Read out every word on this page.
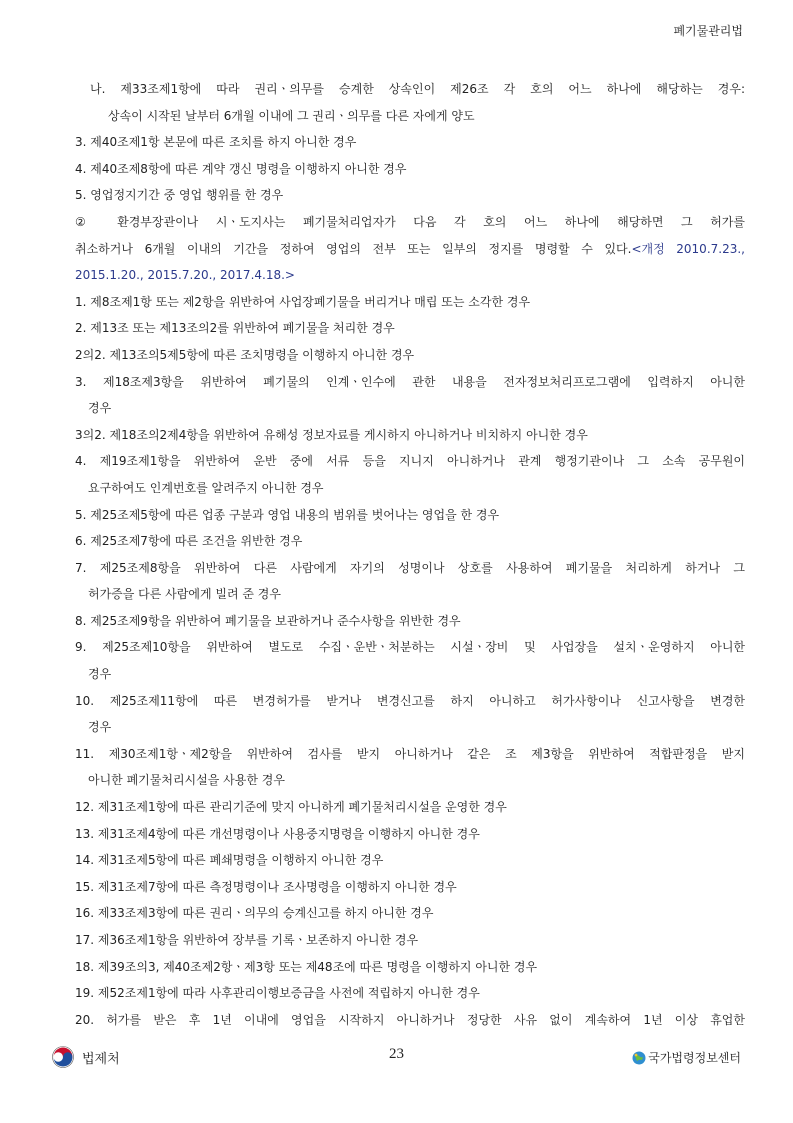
폐기물관리법
나. 제33조제1항에 따라 권리ㆍ의무를 승계한 상속인이 제26조 각 호의 어느 하나에 해당하는 경우:
상속이 시작된 날부터 6개월 이내에 그 권리ㆍ의무를 다른 자에게 양도
3. 제40조제1항 본문에 따른 조치를 하지 아니한 경우
4. 제40조제8항에 따른 계약 갱신 명령을 이행하지 아니한 경우
5. 영업정지기간 중 영업 행위를 한 경우
② 환경부장관이나 시ㆍ도지사는 폐기물처리업자가 다음 각 호의 어느 하나에 해당하면 그 허가를
취소하거나 6개월 이내의 기간을 정하여 영업의 전부 또는 일부의 정지를 명령할 수 있다.<개정 2010.7.23.,
2015.1.20., 2015.7.20., 2017.4.18.>
1. 제8조제1항 또는 제2항을 위반하여 사업장폐기물을 버리거나 매립 또는 소각한 경우
2. 제13조 또는 제13조의2를 위반하여 폐기물을 처리한 경우
2의2. 제13조의5제5항에 따른 조치명령을 이행하지 아니한 경우
3. 제18조제3항을 위반하여 폐기물의 인계ㆍ인수에 관한 내용을 전자정보처리프로그램에 입력하지 아니한
경우
3의2. 제18조의2제4항을 위반하여 유해성 정보자료를 게시하지 아니하거나 비치하지 아니한 경우
4. 제19조제1항을 위반하여 운반 중에 서류 등을 지니지 아니하거나 관계 행정기관이나 그 소속 공무원이
요구하여도 인계번호를 알려주지 아니한 경우
5. 제25조제5항에 따른 업종 구분과 영업 내용의 범위를 벗어나는 영업을 한 경우
6. 제25조제7항에 따른 조건을 위반한 경우
7. 제25조제8항을 위반하여 다른 사람에게 자기의 성명이나 상호를 사용하여 폐기물을 처리하게 하거나 그
허가증을 다른 사람에게 빌려 준 경우
8. 제25조제9항을 위반하여 폐기물을 보관하거나 준수사항을 위반한 경우
9. 제25조제10항을 위반하여 별도로 수집ㆍ운반ㆍ처분하는 시설ㆍ장비 및 사업장을 설치ㆍ운영하지 아니한
경우
10. 제25조제11항에 따른 변경허가를 받거나 변경신고를 하지 아니하고 허가사항이나 신고사항을 변경한
경우
11. 제30조제1항ㆍ제2항을 위반하여 검사를 받지 아니하거나 같은 조 제3항을 위반하여 적합판정을 받지
아니한 폐기물처리시설을 사용한 경우
12. 제31조제1항에 따른 관리기준에 맞지 아니하게 폐기물처리시설을 운영한 경우
13. 제31조제4항에 따른 개선명령이나 사용중지명령을 이행하지 아니한 경우
14. 제31조제5항에 따른 폐쇄명령을 이행하지 아니한 경우
15. 제31조제7항에 따른 측정명령이나 조사명령을 이행하지 아니한 경우
16. 제33조제3항에 따른 권리ㆍ의무의 승계신고를 하지 아니한 경우
17. 제36조제1항을 위반하여 장부를 기록ㆍ보존하지 아니한 경우
18. 제39조의3, 제40조제2항ㆍ제3항 또는 제48조에 따른 명령을 이행하지 아니한 경우
19. 제52조제1항에 따라 사후관리이행보증금을 사전에 적립하지 아니한 경우
20. 허가를 받은 후 1년 이내에 영업을 시작하지 아니하거나 정당한 사유 없이 계속하여 1년 이상 휴업한
법제처	23	국가법령정보센터
